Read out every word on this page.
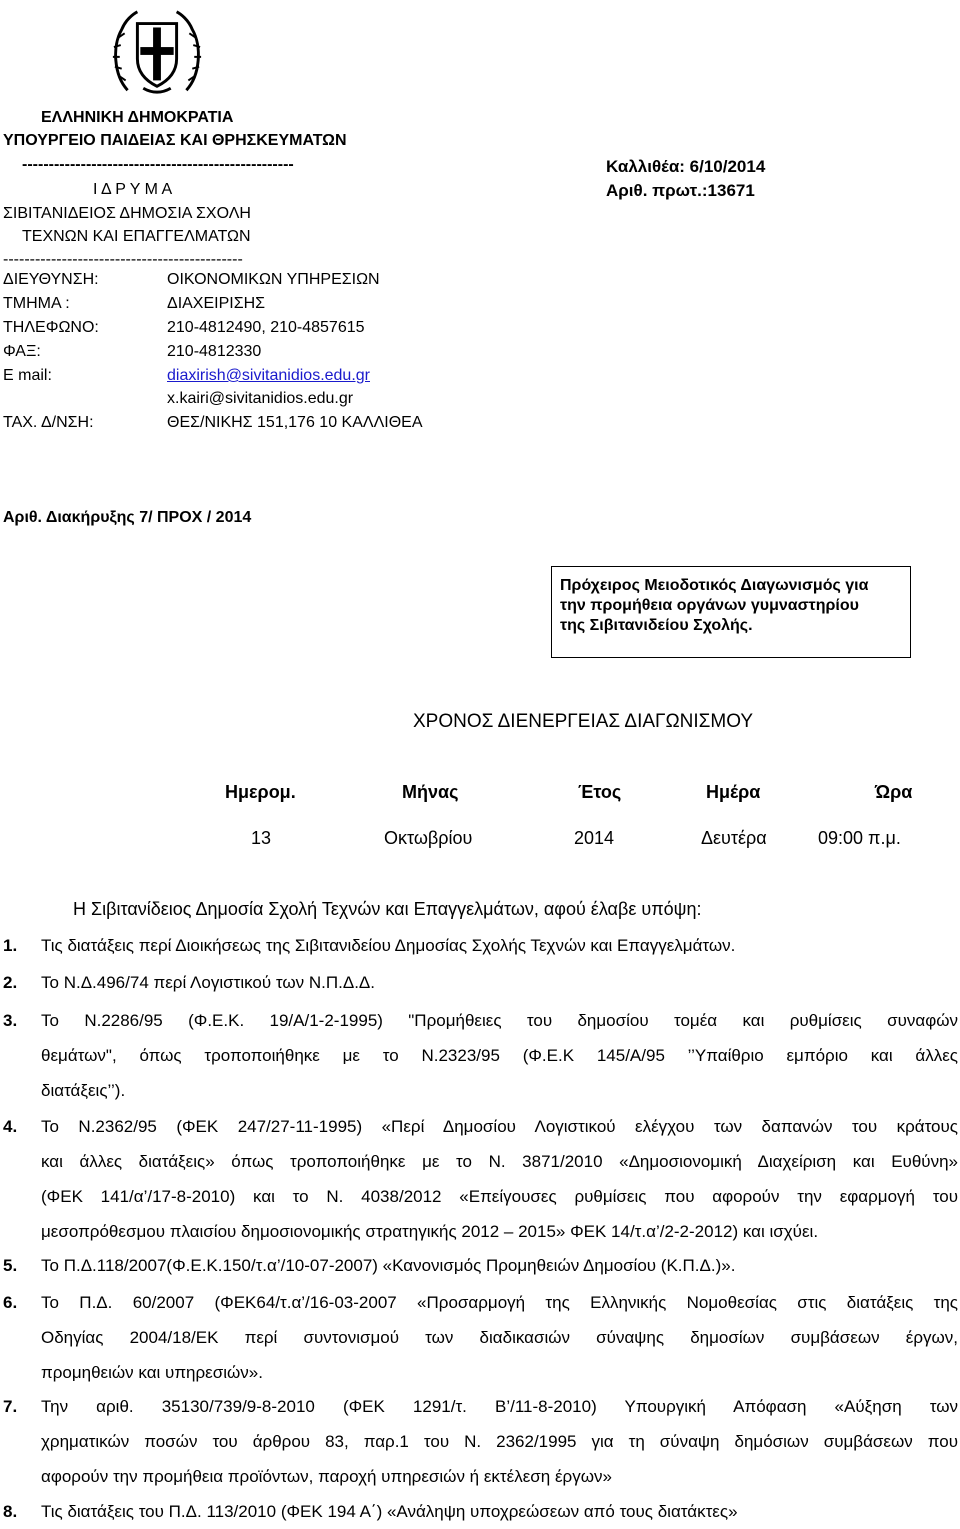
ΕΛΛΗΝΙΚΗ ΔΗΜΟΚΡΑΤΙΑ
ΥΠΟΥΡΓΕΙΟ ΠΑΙΔΕΙΑΣ ΚΑΙ ΘΡΗΣΚΕΥΜΑΤΩΝ
---------------------------------------------------
Ι Δ Ρ Υ Μ Α
ΣΙΒΙΤΑΝΙΔΕΙΟΣ ΔΗΜΟΣΙΑ ΣΧΟΛΗ
ΤΕΧΝΩΝ ΚΑΙ ΕΠΑΓΓΕΛΜΑΤΩΝ
---------------------------------------------
Καλλιθέα: 6/10/2014
Αριθ. πρωτ.:13671
ΔΙΕΥΘΥΝΣΗ:	ΟΙΚΟΝΟΜΙΚΩΝ ΥΠΗΡΕΣΙΩΝ
ΤΜΗΜΑ :	ΔΙΑΧΕΙΡΙΣΗΣ
ΤΗΛΕΦΩΝΟ:	210-4812490, 210-4857615
ΦΑΞ:	210-4812330
E mail:	diaxirish@sivitanidios.edu.gr
x.kairi@sivitanidios.edu.gr
ΤΑΧ. Δ/ΝΣΗ:	ΘΕΣ/ΝΙΚΗΣ 151,176 10 ΚΑΛΛΙΘΕΑ
Αριθ. Διακήρυξης 7/ ΠΡΟΧ / 2014
Πρόχειρος Μειοδοτικός Διαγωνισμός για
την προμήθεια οργάνων γυμναστηρίου
της Σιβιτανιδείου Σχολής.
ΧΡΟΝΟΣ ΔΙΕΝΕΡΓΕΙΑΣ ΔΙΑΓΩΝΙΣΜΟΥ
Ημερομ.	Μήνας	Έτος	Ημέρα	Ώρα
13	Οκτωβρίου	2014	Δευτέρα	09:00 π.μ.
Η Σιβιτανίδειος Δημοσία Σχολή Τεχνών και Επαγγελμάτων, αφού έλαβε υπόψη:
1. Τις διατάξεις περί Διοικήσεως της Σιβιτανιδείου Δημοσίας Σχολής Τεχνών και Επαγγελμάτων.
2. Το Ν.Δ.496/74 περί Λογιστικού των Ν.Π.Δ.Δ.
3. Το Ν.2286/95 (Φ.Ε.Κ. 19/Α/1-2-1995) "Προμήθειες του δημοσίου τομέα και ρυθμίσεις συναφών
θεμάτων", όπως τροποποιήθηκε με το Ν.2323/95 (Φ.Ε.Κ 145/Α/95 ’’Υπαίθριο εμπόριο και άλλες
διατάξεις’’).
4. Το Ν.2362/95 (ΦΕΚ 247/27-11-1995) «Περί Δημοσίου Λογιστικού ελέγχου των δαπανών του κράτους
και άλλες διατάξεις» όπως τροποποιήθηκε με το Ν. 3871/2010 «Δημοσιονομική Διαχείριση και Ευθύνη»
(ΦΕΚ 141/α’/17-8-2010) και το Ν. 4038/2012 «Επείγουσες ρυθμίσεις που αφορούν την εφαρμογή του
μεσοπρόθεσμου πλαισίου δημοσιονομικής στρατηγικής 2012 – 2015» ΦΕΚ 14/τ.α’/2-2-2012) και ισχύει.
5. Το Π.Δ.118/2007(Φ.Ε.Κ.150/τ.α’/10-07-2007) «Κανονισμός Προμηθειών Δημοσίου (Κ.Π.Δ.)».
6. Το Π.Δ. 60/2007 (ΦΕΚ64/τ.α’/16-03-2007 «Προσαρμογή της Ελληνικής Νομοθεσίας στις διατάξεις της
Οδηγίας 2004/18/ΕΚ περί συντονισμού των διαδικασιών σύναψης δημοσίων συμβάσεων έργων,
προμηθειών και υπηρεσιών».
7. Την αριθ. 35130/739/9-8-2010 (ΦΕΚ 1291/τ. Β’/11-8-2010) Υπουργική Απόφαση «Αύξηση των
χρηματικών ποσών του άρθρου 83, παρ.1 του Ν. 2362/1995 για τη σύναψη δημόσιων συμβάσεων που
αφορούν την προμήθεια προϊόντων, παροχή υπηρεσιών ή εκτέλεση έργων»
8. Τις διατάξεις του Π.Δ. 113/2010 (ΦΕΚ 194 Α΄) «Ανάληψη υποχρεώσεων από τους διατάκτες»
